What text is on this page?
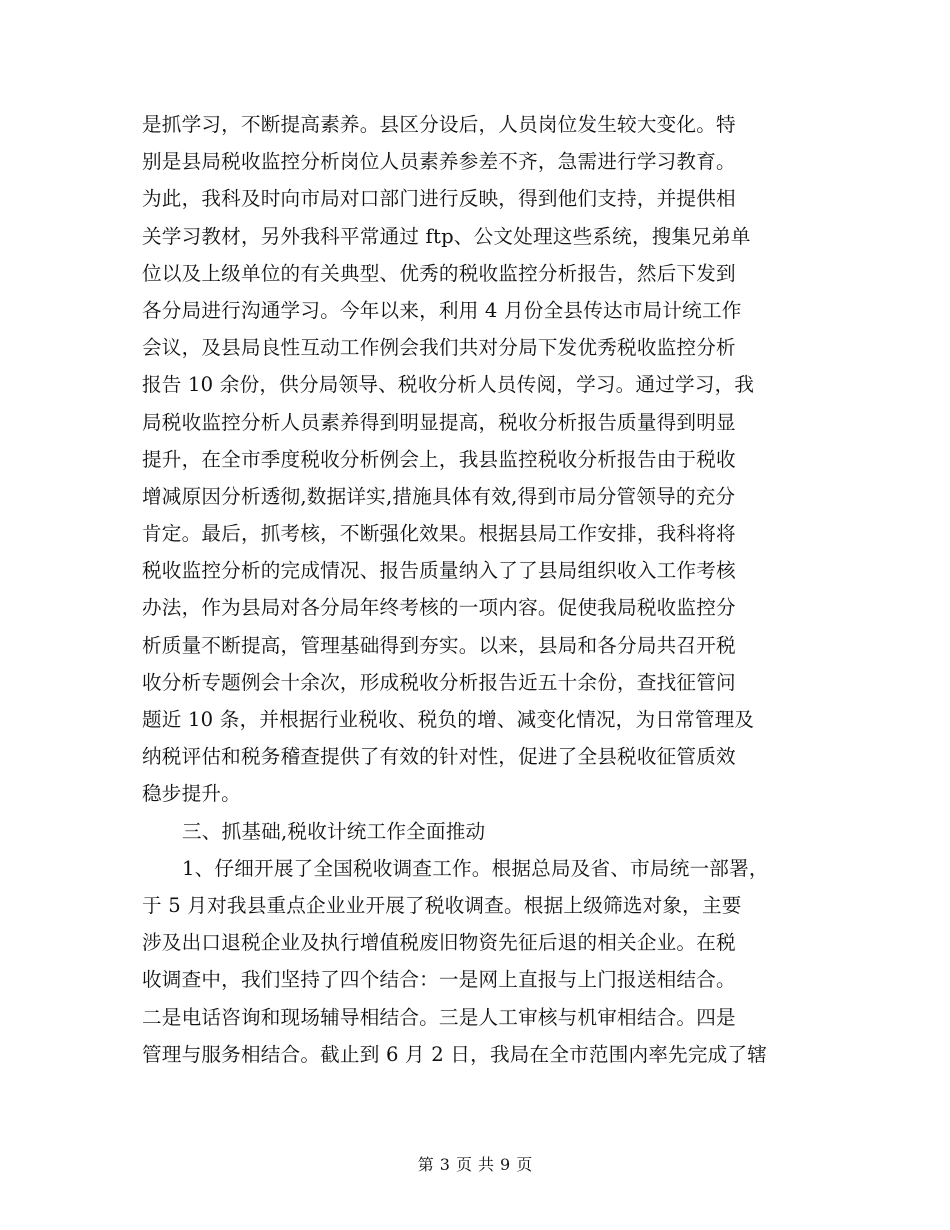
是抓学习，不断提高素养。县区分设后，人员岗位发生较大变化。特
别是县局税收监控分析岗位人员素养参差不齐，急需进行学习教育。
为此，我科及时向市局对口部门进行反映，得到他们支持，并提供相
关学习教材，另外我科平常通过 ftp、公文处理这些系统，搜集兄弟单
位以及上级单位的有关典型、优秀的税收监控分析报告，然后下发到
各分局进行沟通学习。今年以来，利用 4 月份全县传达市局计统工作
会议，及县局良性互动工作例会我们共对分局下发优秀税收监控分析
报告 10 余份，供分局领导、税收分析人员传阅，学习。通过学习，我
局税收监控分析人员素养得到明显提高，税收分析报告质量得到明显
提升，在全市季度税收分析例会上，我县监控税收分析报告由于税收
增减原因分析透彻,数据详实,措施具体有效,得到市局分管领导的充分
肯定。最后，抓考核，不断强化效果。根据县局工作安排，我科将将
税收监控分析的完成情况、报告质量纳入了了县局组织收入工作考核
办法，作为县局对各分局年终考核的一项内容。促使我局税收监控分
析质量不断提高，管理基础得到夯实。以来，县局和各分局共召开税
收分析专题例会十余次，形成税收分析报告近五十余份，查找征管问
题近 10 条，并根据行业税收、税负的增、减变化情况，为日常管理及
纳税评估和税务稽查提供了有效的针对性，促进了全县税收征管质效
稳步提升。
三、抓基础,税收计统工作全面推动
1、仔细开展了全国税收调查工作。根据总局及省、市局统一部署，
于 5 月对我县重点企业业开展了税收调查。根据上级筛选对象，主要
涉及出口退税企业及执行增值税废旧物资先征后退的相关企业。在税
收调查中，我们坚持了四个结合：一是网上直报与上门报送相结合。
二是电话咨询和现场辅导相结合。三是人工审核与机审相结合。四是
管理与服务相结合。截止到 6 月 2 日，我局在全市范围内率先完成了辖
第 3 页 共 9 页
